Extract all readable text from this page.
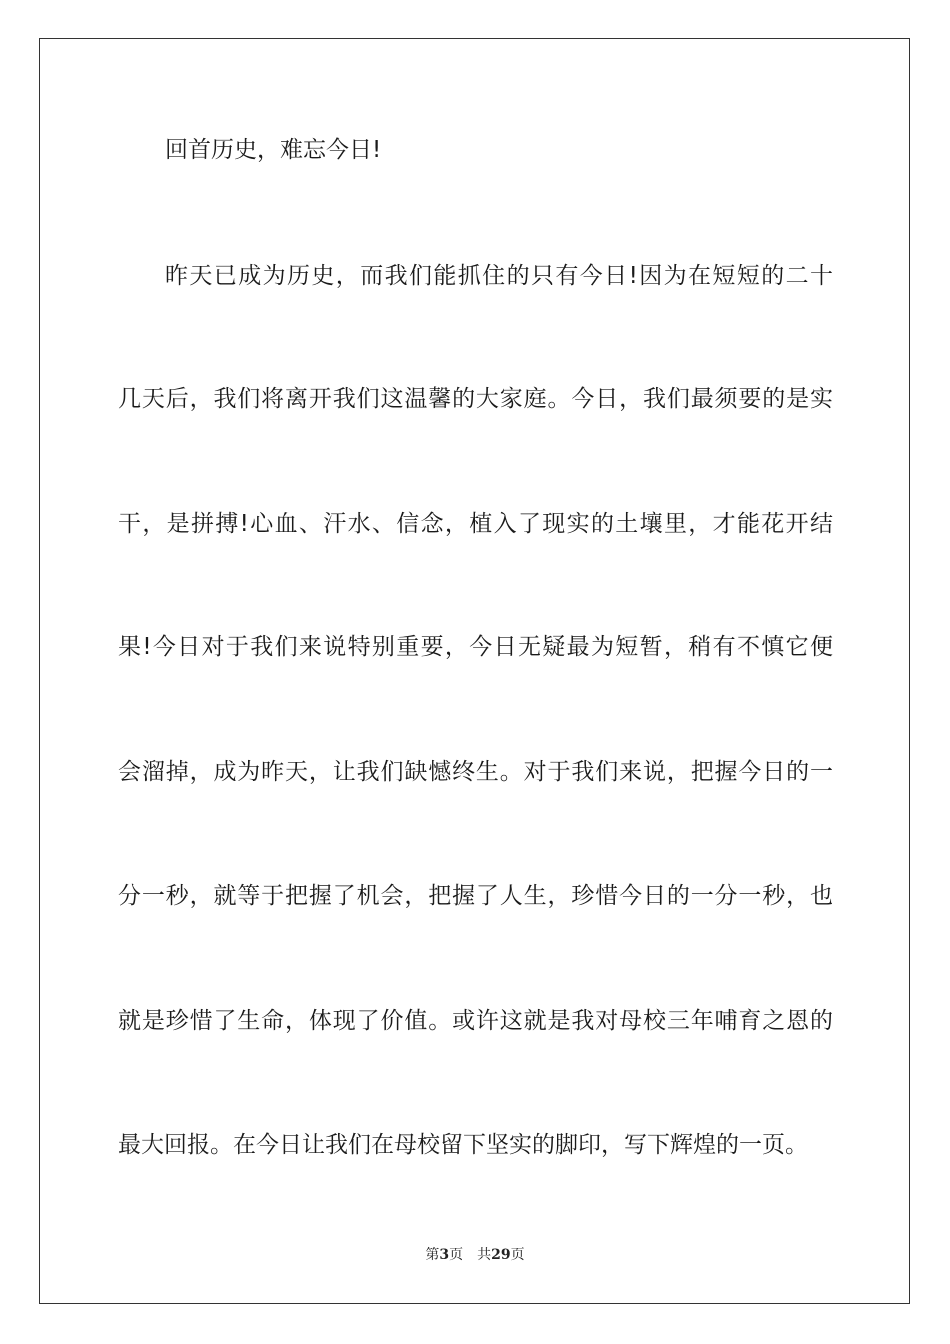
回首历史，难忘今日!
昨天已成为历史，而我们能抓住的只有今日!因为在短短的二十
几天后，我们将离开我们这温馨的大家庭。今日，我们最须要的是实
干，是拼搏!心血、汗水、信念，植入了现实的土壤里，才能花开结
果!今日对于我们来说特别重要，今日无疑最为短暂，稍有不慎它便
会溜掉，成为昨天，让我们缺憾终生。对于我们来说，把握今日的一
分一秒，就等于把握了机会，把握了人生，珍惜今日的一分一秒，也
就是珍惜了生命，体现了价值。或许这就是我对母校三年哺育之恩的
最大回报。在今日让我们在母校留下坚实的脚印，写下辉煌的一页。
第3页 共29页
